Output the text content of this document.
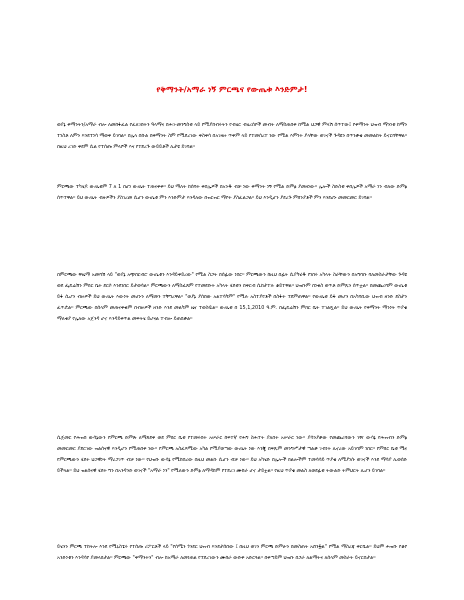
የቅማንት/አማራ ነኝ ምርጫና የውጤቱ እንድምታ!

ወያኔ ቅማንትን/አማራ ብሎ ለመከፋፈል የፈለገበትን ዓላማና በሕገ-መንግስቱ ላይ የሚያከብሩትን የብሄር ብሄረሰቦች መብት ለማስጠበቅ ከሚል ህጋዊ ምላሽ ሰጥተው፤ የቅማንት ህዝብ ማንነቱ ከማን ተነስቶ ለምን እንደተነሳ ማወቅ ይገባል። በሌላ በኩል በቅማንት ስም የሚደረገው ቅስቀሳ በአገዛዙ ጥቅም ላይ የተመሰረተ ነው የሚል እምነት ያላቸው ወገኖች ጉዳዩን በጥንቃቄ መመልከት ይኖርባቸዋል። በዚህ ረገድ ቀደም ሲል የተሰጡ ምላሾች እና የተደረጉ ውይይቶች ሊታዩ ይገባል።

ምርጫው ተካሄዶ ውጤቱም 7 ለ 1 በሆነ ውጤት ተጠናቀቀ። ይህ ማለት ከሰባት ቀበሌዎች በአንዱ ብቻ ነው ቅማንት ነኝ የሚል ድምፅ ያመዘነው። ሌሎች ስድስቱ ቀበሌዎች አማራ ነን ብለው ድምፅ ሰጥተዋል። ይህ ውጤት ብዙዎችን ያስገረመ ሲሆን ውጤቱ ምን እንድምታ እንዳለው በዝርዝር ማየት ያስፈልጋል። ይህ እንዲሆን ያደረጉ ምክንያቶች ምን እንደሆኑ መመርመር ይገባል።

በምርጫው ዋዜማ አመሻሽ ላይ "ወያኔ አጭበርብሮ ውጤቱን እንዳይቀይረው" የሚል ስጋት በሰፊው ነበር። ምርጫውን ከዚህ በፊት ሲያካሂዱ የነበሩ አካላት ስራቸውን በአግባቡ ባለመስራታቸው ጉዳዩ ወደ ፌዴሬሽን ምክር ቤት ደርሶ እንደነበር ይታወሳል። ምርጫውን ለማስፈጸም የተመደቡት አካላት ሂደቱን በቅርብ ሲከታተሉ ቆይተዋል። ህዝቡም በነቂስ ወጥቶ ድምጹን ሰጥቷል። በመጨረሻም ውጤቱ ይፋ ሲሆን ብዙዎች ይህ ውጤት እውነት መሆኑን ለማመን ተቸግረዋል። "ወያኔ ያሰበው አልተሳካም" የሚሉ አስተያየቶች በስፋት ተደምጠዋል። የውጤቱ ይፋ መሆን በአካባቢው ህዝብ ዘንድ ደስታን ፈጥሯል። ምርጫው በሰላም መጠናቀቁም በብዙዎች ዘንድ እንደ መልካም ዜና ተወስዷል። ውጤቱ በ 15,1,2010 ዓ.ም. በፌዴሬሽን ምክር ቤት ተገልጿል። ይህ ውጤት የቅማንት ማንነት ጥያቄ ማለቂያ የሌለው አጀንዳ ሆኖ እንዳይቀጥል መፍትሄ ይሆናል ተብሎ ይጠበቃል።

ሲጀመር የሕዝበ ውሳኔውን የምርጫ ድምጽ ለማጸደቅ ወደ ምክር ቤቱ የተመሩበት አሠራር ከፍተኛ የሕግ ስሕተት ያለበት አሠራር ነው። ያሳንያቃው የመጨረሻውን ገዥ ውሳኔ የሕዝብን ድምፅ መመርመር ያደርገው ዝልሰናዊ እንዲሆን የሚጠበቅ ነው። የምርጫ አስፈጻሚው አካል የሚያወጣው ውጤት ነው እንጂ በፍጹም መንግሥታዊ ጣልቃ ገብነት ሊኖረው አይገባም ነበር። የምክር ቤቱ ሚና የምርጫውን ሂደት ህጋዊነት ማረጋገጥ ብቻ ነው። የህዝቡ ውሳኔ የሚከበረው በዚህ መልኩ ሲሆን ብቻ ነው። ይህ አካሄድ በሌሎች ክልሎችም ተመሳሳይ ጥያቄ ለሚያነሱ ወገኖች እንደ ማሳያ ሊወሰድ ይችላል። ይህ ዝልሰናዊ ሂደት ግን በአንዳንድ ወገኖች "አማራ ነን" የሚለውን ድምፅ ለማዳከም የተደረገ ሙከራ ሆኖ ታይቷል። የዚህ ጥያቄ መልስ ለወደፊቱ ትውልድ ትምህርት ሊሆን ይገባል።

ይሄንን ምርጫ ተከትሎ እንደ የሚኒስቴሩ የተሰጡ ሪፖርቶች ላይ "የሰሜን ጎንደር ህዝብ እንደታሰበው ፤ በዚህ ወገን ምርጫ ድምፁን በመስጠት አሸንፏል" የሚል ማስረጃ ቀርቧል። ይህም ሕዝቡ የቆየ አንድነቱን እንዳሳየ ያመላክታል። ምርጫው "ቅማንትን" ብሎ ከአማራ ለመነጠል የተደረገውን ሙከራ ውድቅ አድርጓል። በቀጣይም ህዝቡ በጋራ ለልማትና ለሰላም መስራት ይኖርበታል።
